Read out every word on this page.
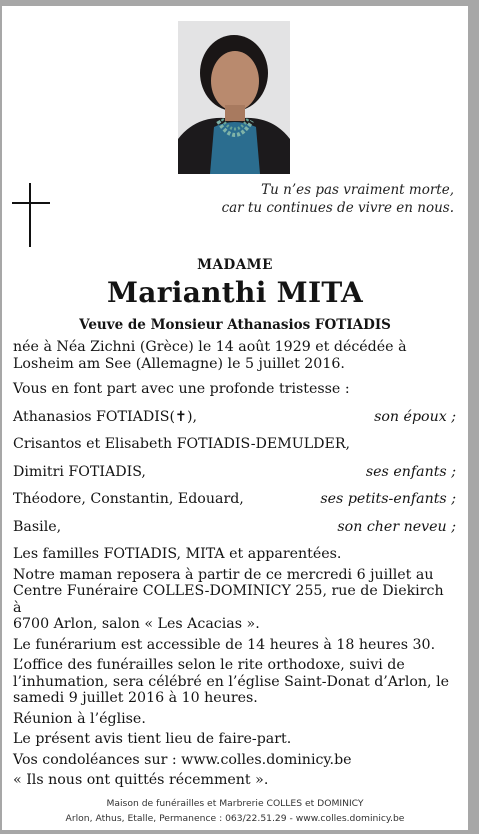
Tu n’es pas vraiment morte,
car tu continues de vivre en nous.
MADAME
Marianthi MITA
Veuve de Monsieur Athanasios FOTIADIS

née à Néa Zichni (Grèce) le 14 août 1929 et décédée à

Losheim am See (Allemagne) le 5 juillet 2016.

Vous en font part avec une profonde tristesse :

Athanasios FOTIADIS(✝),	son époux ;
Crisantos et Elisabeth FOTIADIS-DEMULDER,
Dimitri FOTIADIS,	ses enfants ;
Théodore, Constantin, Edouard,	ses petits-enfants ;
Basile,	son cher neveu ;

Les familles FOTIADIS, MITA et apparentées.

Notre maman reposera à partir de ce mercredi 6 juillet au

Centre Funéraire COLLES-DOMINICY 255, rue de Diekirch à

6700 Arlon, salon « Les Acacias ».

Le funérarium est accessible de 14 heures à 18 heures 30.

L’office des funérailles selon le rite orthodoxe, suivi de

l’inhumation, sera célébré en l’église Saint-Donat d’Arlon, le

samedi 9 juillet 2016 à 10 heures.

Réunion à l’église.

Le présent avis tient lieu de faire-part.

Vos condoléances sur : www.colles.dominicy.be

« Ils nous ont quittés récemment ».

Maison de funérailles et Marbrerie COLLES et DOMINICY
Arlon, Athus, Etalle, Permanence : 063/22.51.29 - www.colles.dominicy.be
